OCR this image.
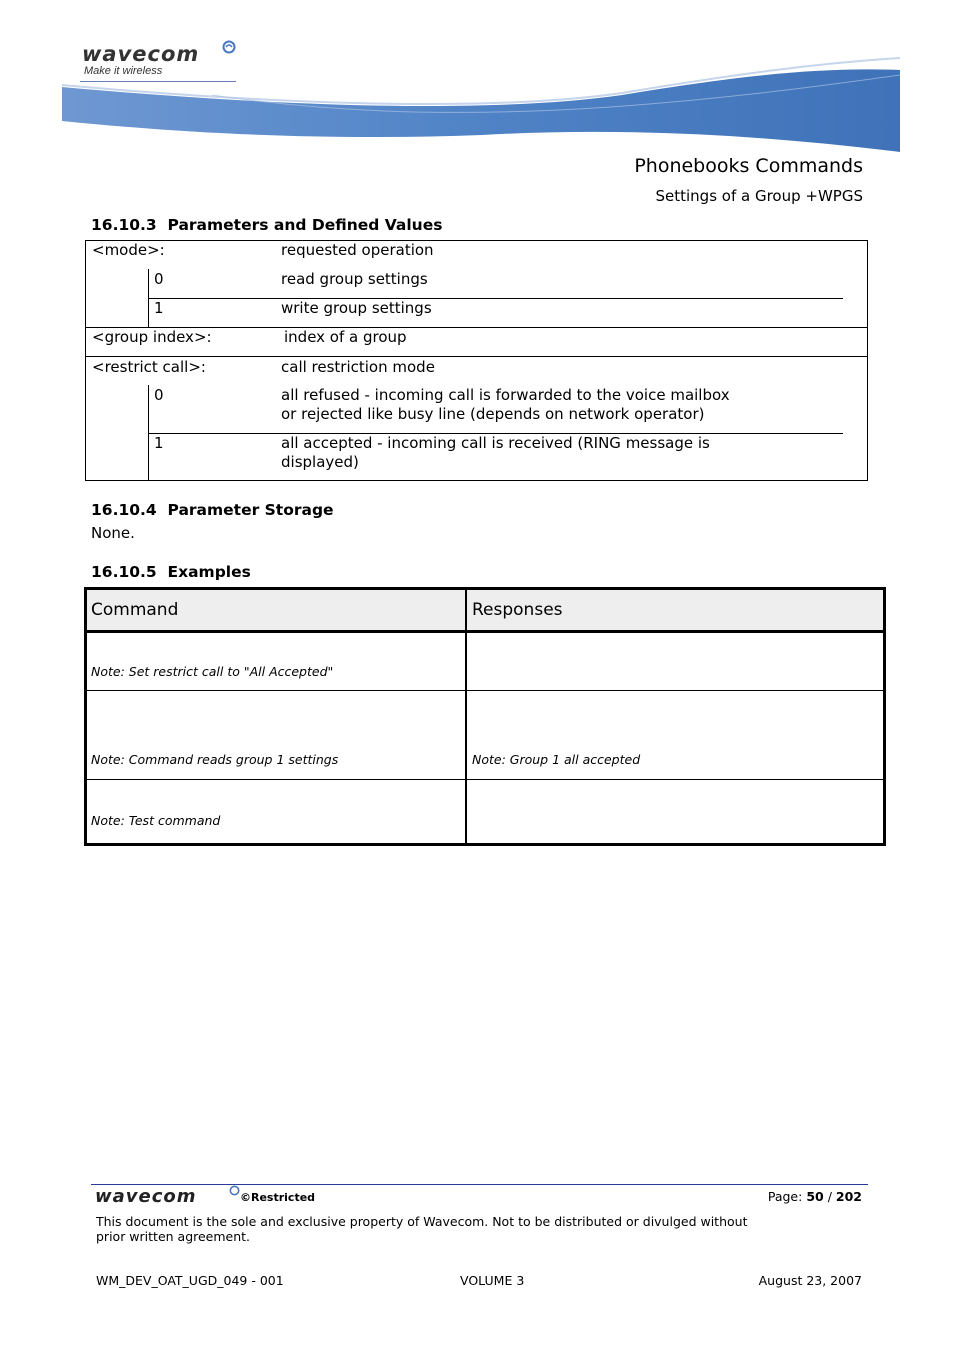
wavecom
Make it wireless
Phonebooks Commands
Settings of a Group +WPGS
16.10.3 Parameters and Defined Values
<mode>:	requested operation
0	read group settings
1	write group settings
<group index>:	index of a group
<restrict call>:	call restriction mode
0	all refused - incoming call is forwarded to the voice mailbox
or rejected like busy line (depends on network operator)
1	all accepted - incoming call is received (RING message is
displayed)
16.10.4 Parameter Storage
None.
16.10.5 Examples
Command	Responses
Note: Set restrict call to "All Accepted"
Note: Command reads group 1 settings	Note: Group 1 all accepted
Note: Test command
wavecom	©Restricted	Page: 50 / 202
This document is the sole and exclusive property of Wavecom. Not to be distributed or divulged without
prior written agreement.
WM_DEV_OAT_UGD_049 - 001	VOLUME 3	August 23, 2007
